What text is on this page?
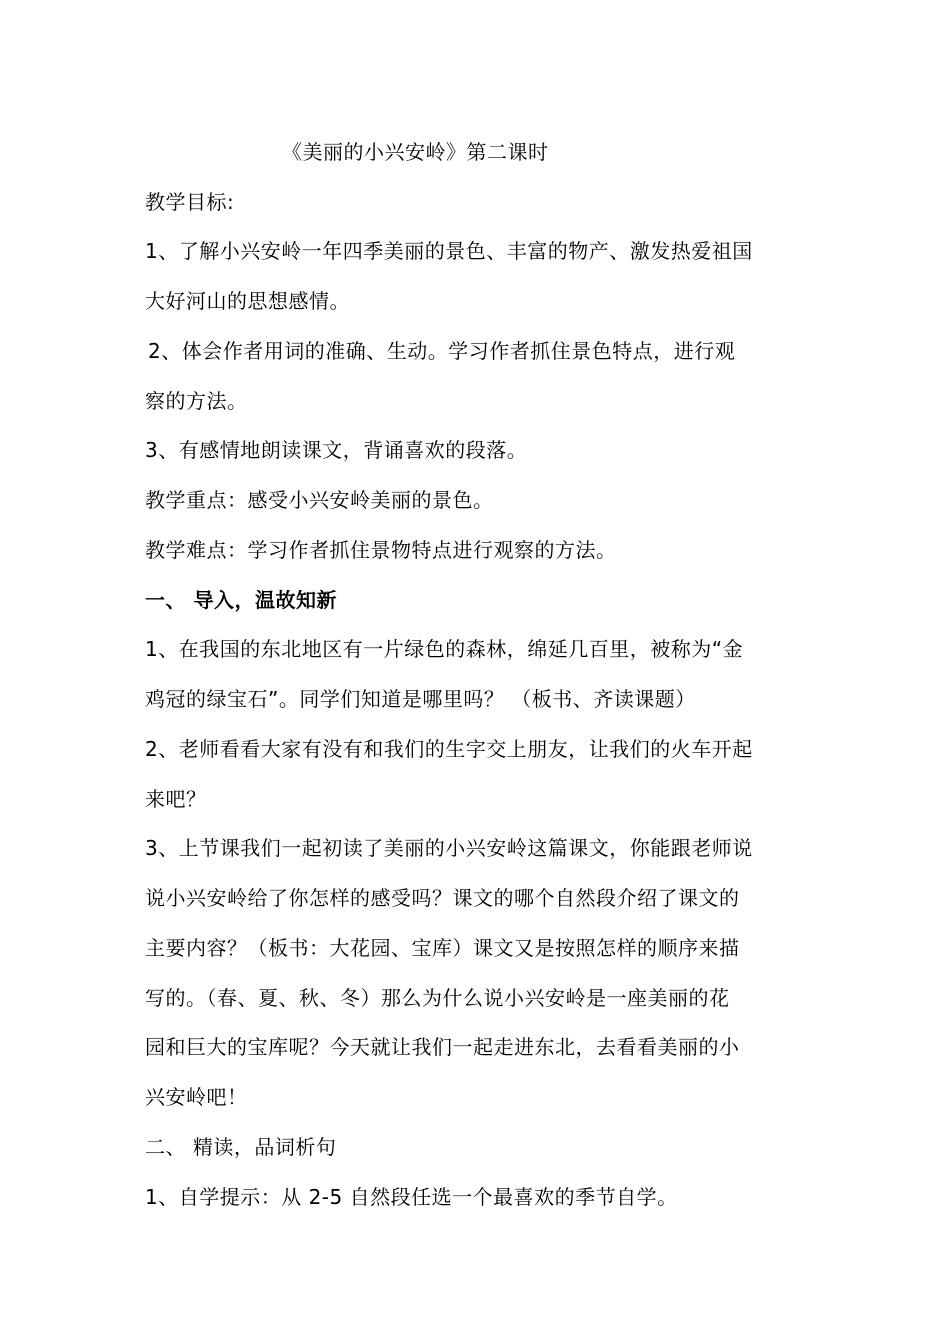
《美丽的小兴安岭》第二课时
教学目标:
1、了解小兴安岭一年四季美丽的景色、丰富的物产、激发热爱祖国
大好河山的思想感情。
2、体会作者用词的准确、生动。学习作者抓住景色特点，进行观
察的方法。
3、有感情地朗读课文，背诵喜欢的段落。
教学重点：感受小兴安岭美丽的景色。
教学难点：学习作者抓住景物特点进行观察的方法。
一、 导入，温故知新
1、在我国的东北地区有一片绿色的森林，绵延几百里，被称为“金
鸡冠的绿宝石”。同学们知道是哪里吗？ （板书、齐读课题）
2、老师看看大家有没有和我们的生字交上朋友，让我们的火车开起
来吧？
3、上节课我们一起初读了美丽的小兴安岭这篇课文，你能跟老师说
说小兴安岭给了你怎样的感受吗？课文的哪个自然段介绍了课文的
主要内容？（板书：大花园、宝库）课文又是按照怎样的顺序来描
写的。（春、夏、秋、冬）那么为什么说小兴安岭是一座美丽的花
园和巨大的宝库呢？今天就让我们一起走进东北，去看看美丽的小
兴安岭吧！
二、 精读，品词析句
1、自学提示：从 2-5 自然段任选一个最喜欢的季节自学。
